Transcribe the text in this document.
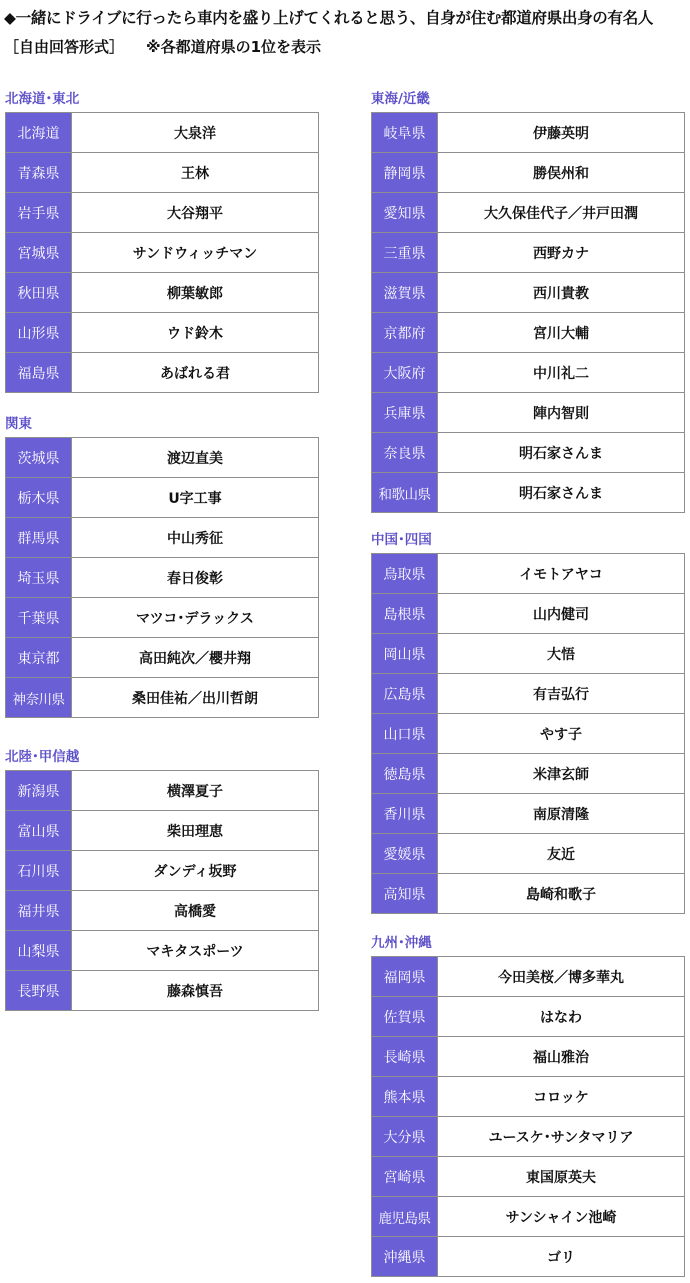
◆一緒にドライブに行ったら車内を盛り上げてくれると思う、自身が住む都道府県出身の有名人
［自由回答形式］ ※各都道府県の1位を表示
北海道･東北
北海道	大泉洋
青森県	王林
岩手県	大谷翔平
宮城県	サンドウィッチマン
秋田県	柳葉敏郎
山形県	ウド鈴木
福島県	あばれる君
関東
茨城県	渡辺直美
栃木県	U字工事
群馬県	中山秀征
埼玉県	春日俊彰
千葉県	マツコ･デラックス
東京都	高田純次／櫻井翔
神奈川県	桑田佳祐／出川哲朗
北陸･甲信越
新潟県	横澤夏子
富山県	柴田理恵
石川県	ダンディ坂野
福井県	高橋愛
山梨県	マキタスポーツ
長野県	藤森慎吾
東海/近畿
岐阜県	伊藤英明
静岡県	勝俣州和
愛知県	大久保佳代子／井戸田潤
三重県	西野カナ
滋賀県	西川貴教
京都府	宮川大輔
大阪府	中川礼二
兵庫県	陣内智則
奈良県	明石家さんま
和歌山県	明石家さんま
中国･四国
鳥取県	イモトアヤコ
島根県	山内健司
岡山県	大悟
広島県	有吉弘行
山口県	やす子
徳島県	米津玄師
香川県	南原清隆
愛媛県	友近
高知県	島崎和歌子
九州･沖縄
福岡県	今田美桜／博多華丸
佐賀県	はなわ
長崎県	福山雅治
熊本県	コロッケ
大分県	ユースケ･サンタマリア
宮崎県	東国原英夫
鹿児島県	サンシャイン池崎
沖縄県	ゴリ
